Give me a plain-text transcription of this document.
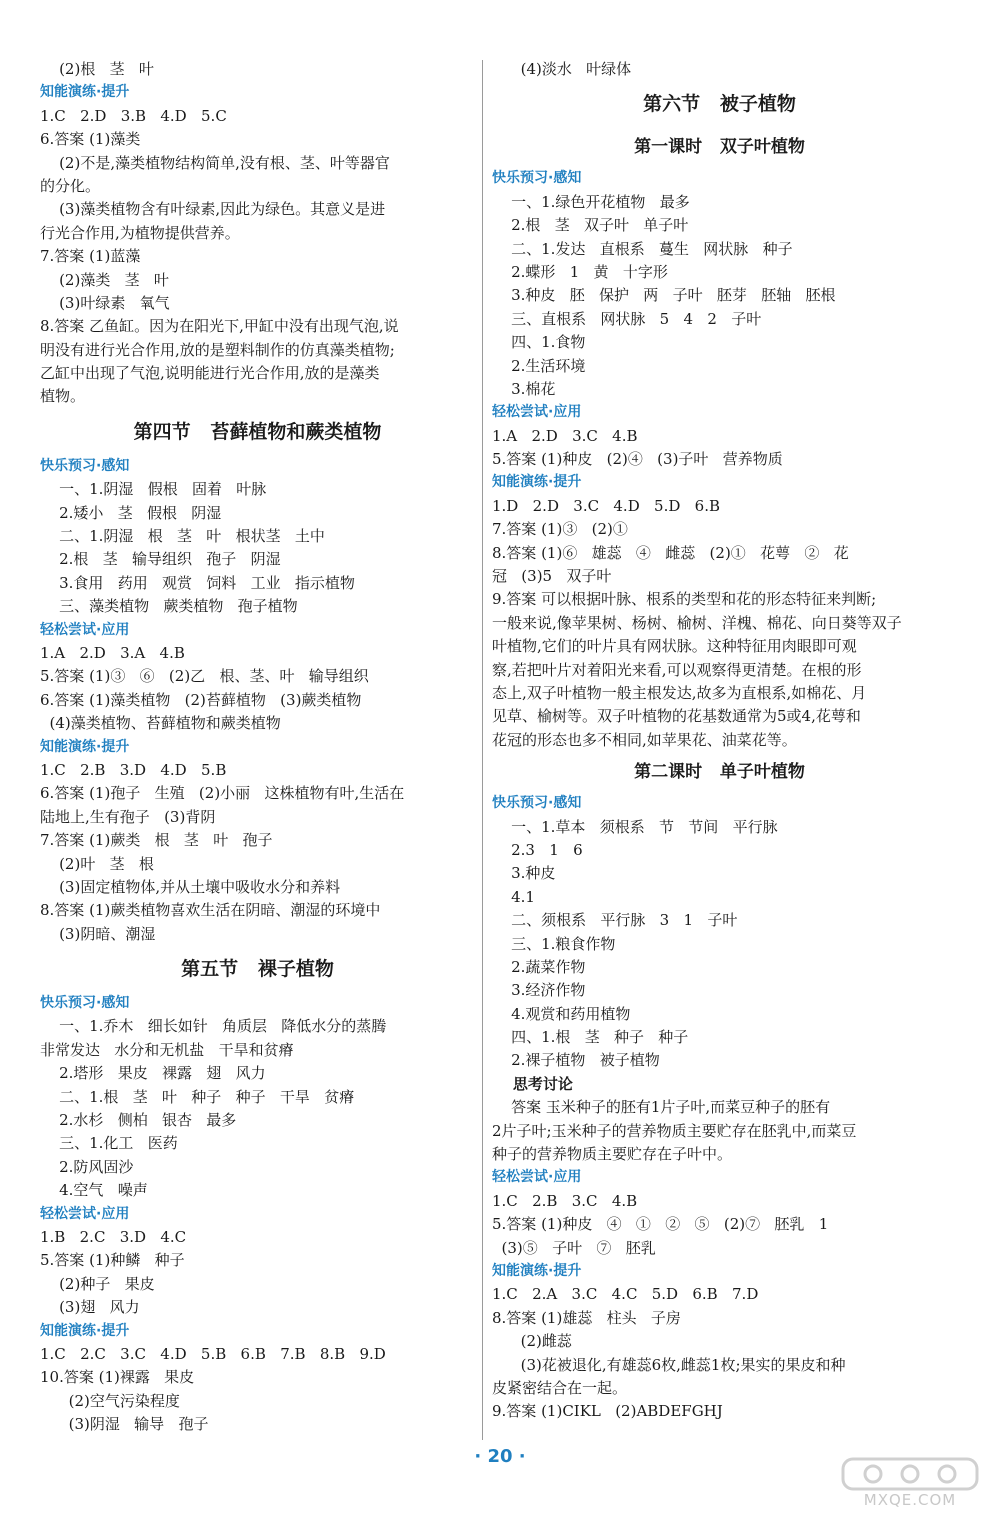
(2)根   茎   叶
知能演练·提升
1.C   2.D   3.B   4.D   5.C
6.答案 (1)藻类
(2)不是,藻类植物结构简单,没有根、茎、叶等器官
的分化。
(3)藻类植物含有叶绿素,因此为绿色。其意义是进
行光合作用,为植物提供营养。
7.答案 (1)蓝藻
(2)藻类   茎   叶
(3)叶绿素   氧气
8.答案 乙鱼缸。因为在阳光下,甲缸中没有出现气泡,说
明没有进行光合作用,放的是塑料制作的仿真藻类植物;
乙缸中出现了气泡,说明能进行光合作用,放的是藻类
植物。
第四节   苔藓植物和蕨类植物
快乐预习·感知
一、1.阴湿   假根   固着   叶脉
2.矮小   茎   假根   阴湿
二、1.阴湿   根   茎   叶   根状茎   土中
2.根   茎   输导组织   孢子   阴湿
3.食用   药用   观赏   饲料   工业   指示植物
三、藻类植物   蕨类植物   孢子植物
轻松尝试·应用
1.A   2.D   3.A   4.B
5.答案 (1)③   ⑥   (2)乙   根、茎、叶   输导组织
6.答案 (1)藻类植物   (2)苔藓植物   (3)蕨类植物
(4)藻类植物、苔藓植物和蕨类植物
知能演练·提升
1.C   2.B   3.D   4.D   5.B
6.答案 (1)孢子   生殖   (2)小丽   这株植物有叶,生活在
陆地上,生有孢子   (3)背阴
7.答案 (1)蕨类   根   茎   叶   孢子
(2)叶   茎   根
(3)固定植物体,并从土壤中吸收水分和养料
8.答案 (1)蕨类植物喜欢生活在阴暗、潮湿的环境中
(3)阴暗、潮湿
第五节   裸子植物
快乐预习·感知
一、1.乔木   细长如针   角质层   降低水分的蒸腾
非常发达   水分和无机盐   干旱和贫瘠
2.塔形   果皮   裸露   翅   风力
二、1.根   茎   叶   种子   种子   干旱   贫瘠
2.水杉   侧柏   银杏   最多
三、1.化工   医药
2.防风固沙
4.空气   噪声
轻松尝试·应用
1.B   2.C   3.D   4.C
5.答案 (1)种鳞   种子
(2)种子   果皮
(3)翅   风力
知能演练·提升
1.C   2.C   3.C   4.D   5.B   6.B   7.B   8.B   9.D
10.答案 (1)裸露   果皮
(2)空气污染程度
(3)阴湿   输导   孢子
(4)淡水   叶绿体
第六节   被子植物
第一课时   双子叶植物
快乐预习·感知
一、1.绿色开花植物   最多
2.根   茎   双子叶   单子叶
二、1.发达   直根系   蔓生   网状脉   种子
2.蝶形   1   黄   十字形
3.种皮   胚   保护   两   子叶   胚芽   胚轴   胚根
三、直根系   网状脉   5   4   2   子叶
四、1.食物
2.生活环境
3.棉花
轻松尝试·应用
1.A   2.D   3.C   4.B
5.答案 (1)种皮   (2)④   (3)子叶   营养物质
知能演练·提升
1.D   2.D   3.C   4.D   5.D   6.B
7.答案 (1)③   (2)①
8.答案 (1)⑥   雄蕊   ④   雌蕊   (2)①   花萼   ②   花
冠   (3)5   双子叶
9.答案 可以根据叶脉、根系的类型和花的形态特征来判断;
一般来说,像苹果树、杨树、榆树、洋槐、棉花、向日葵等双子
叶植物,它们的叶片具有网状脉。这种特征用肉眼即可观
察,若把叶片对着阳光来看,可以观察得更清楚。在根的形
态上,双子叶植物一般主根发达,故多为直根系,如棉花、月
见草、榆树等。双子叶植物的花基数通常为5或4,花萼和
花冠的形态也多不相同,如苹果花、油菜花等。
第二课时   单子叶植物
快乐预习·感知
一、1.草本   须根系   节   节间   平行脉
2.3   1   6
3.种皮
4.1
二、须根系   平行脉   3   1   子叶
三、1.粮食作物
2.蔬菜作物
3.经济作物
4.观赏和药用植物
四、1.根   茎   种子   种子
2.裸子植物   被子植物
思考讨论
答案 玉米种子的胚有1片子叶,而菜豆种子的胚有
2片子叶;玉米种子的营养物质主要贮存在胚乳中,而菜豆
种子的营养物质主要贮存在子叶中。
轻松尝试·应用
1.C   2.B   3.C   4.B
5.答案 (1)种皮   ④   ①   ②   ⑤   (2)⑦   胚乳   1
(3)⑤   子叶   ⑦   胚乳
知能演练·提升
1.C   2.A   3.C   4.C   5.D   6.B   7.D
8.答案 (1)雄蕊   柱头   子房
(2)雌蕊
(3)花被退化,有雄蕊6枚,雌蕊1枚;果实的果皮和种
皮紧密结合在一起。
9.答案 (1)CIKL   (2)ABDEFGHJ
· 20 ·
MXQE.COM
